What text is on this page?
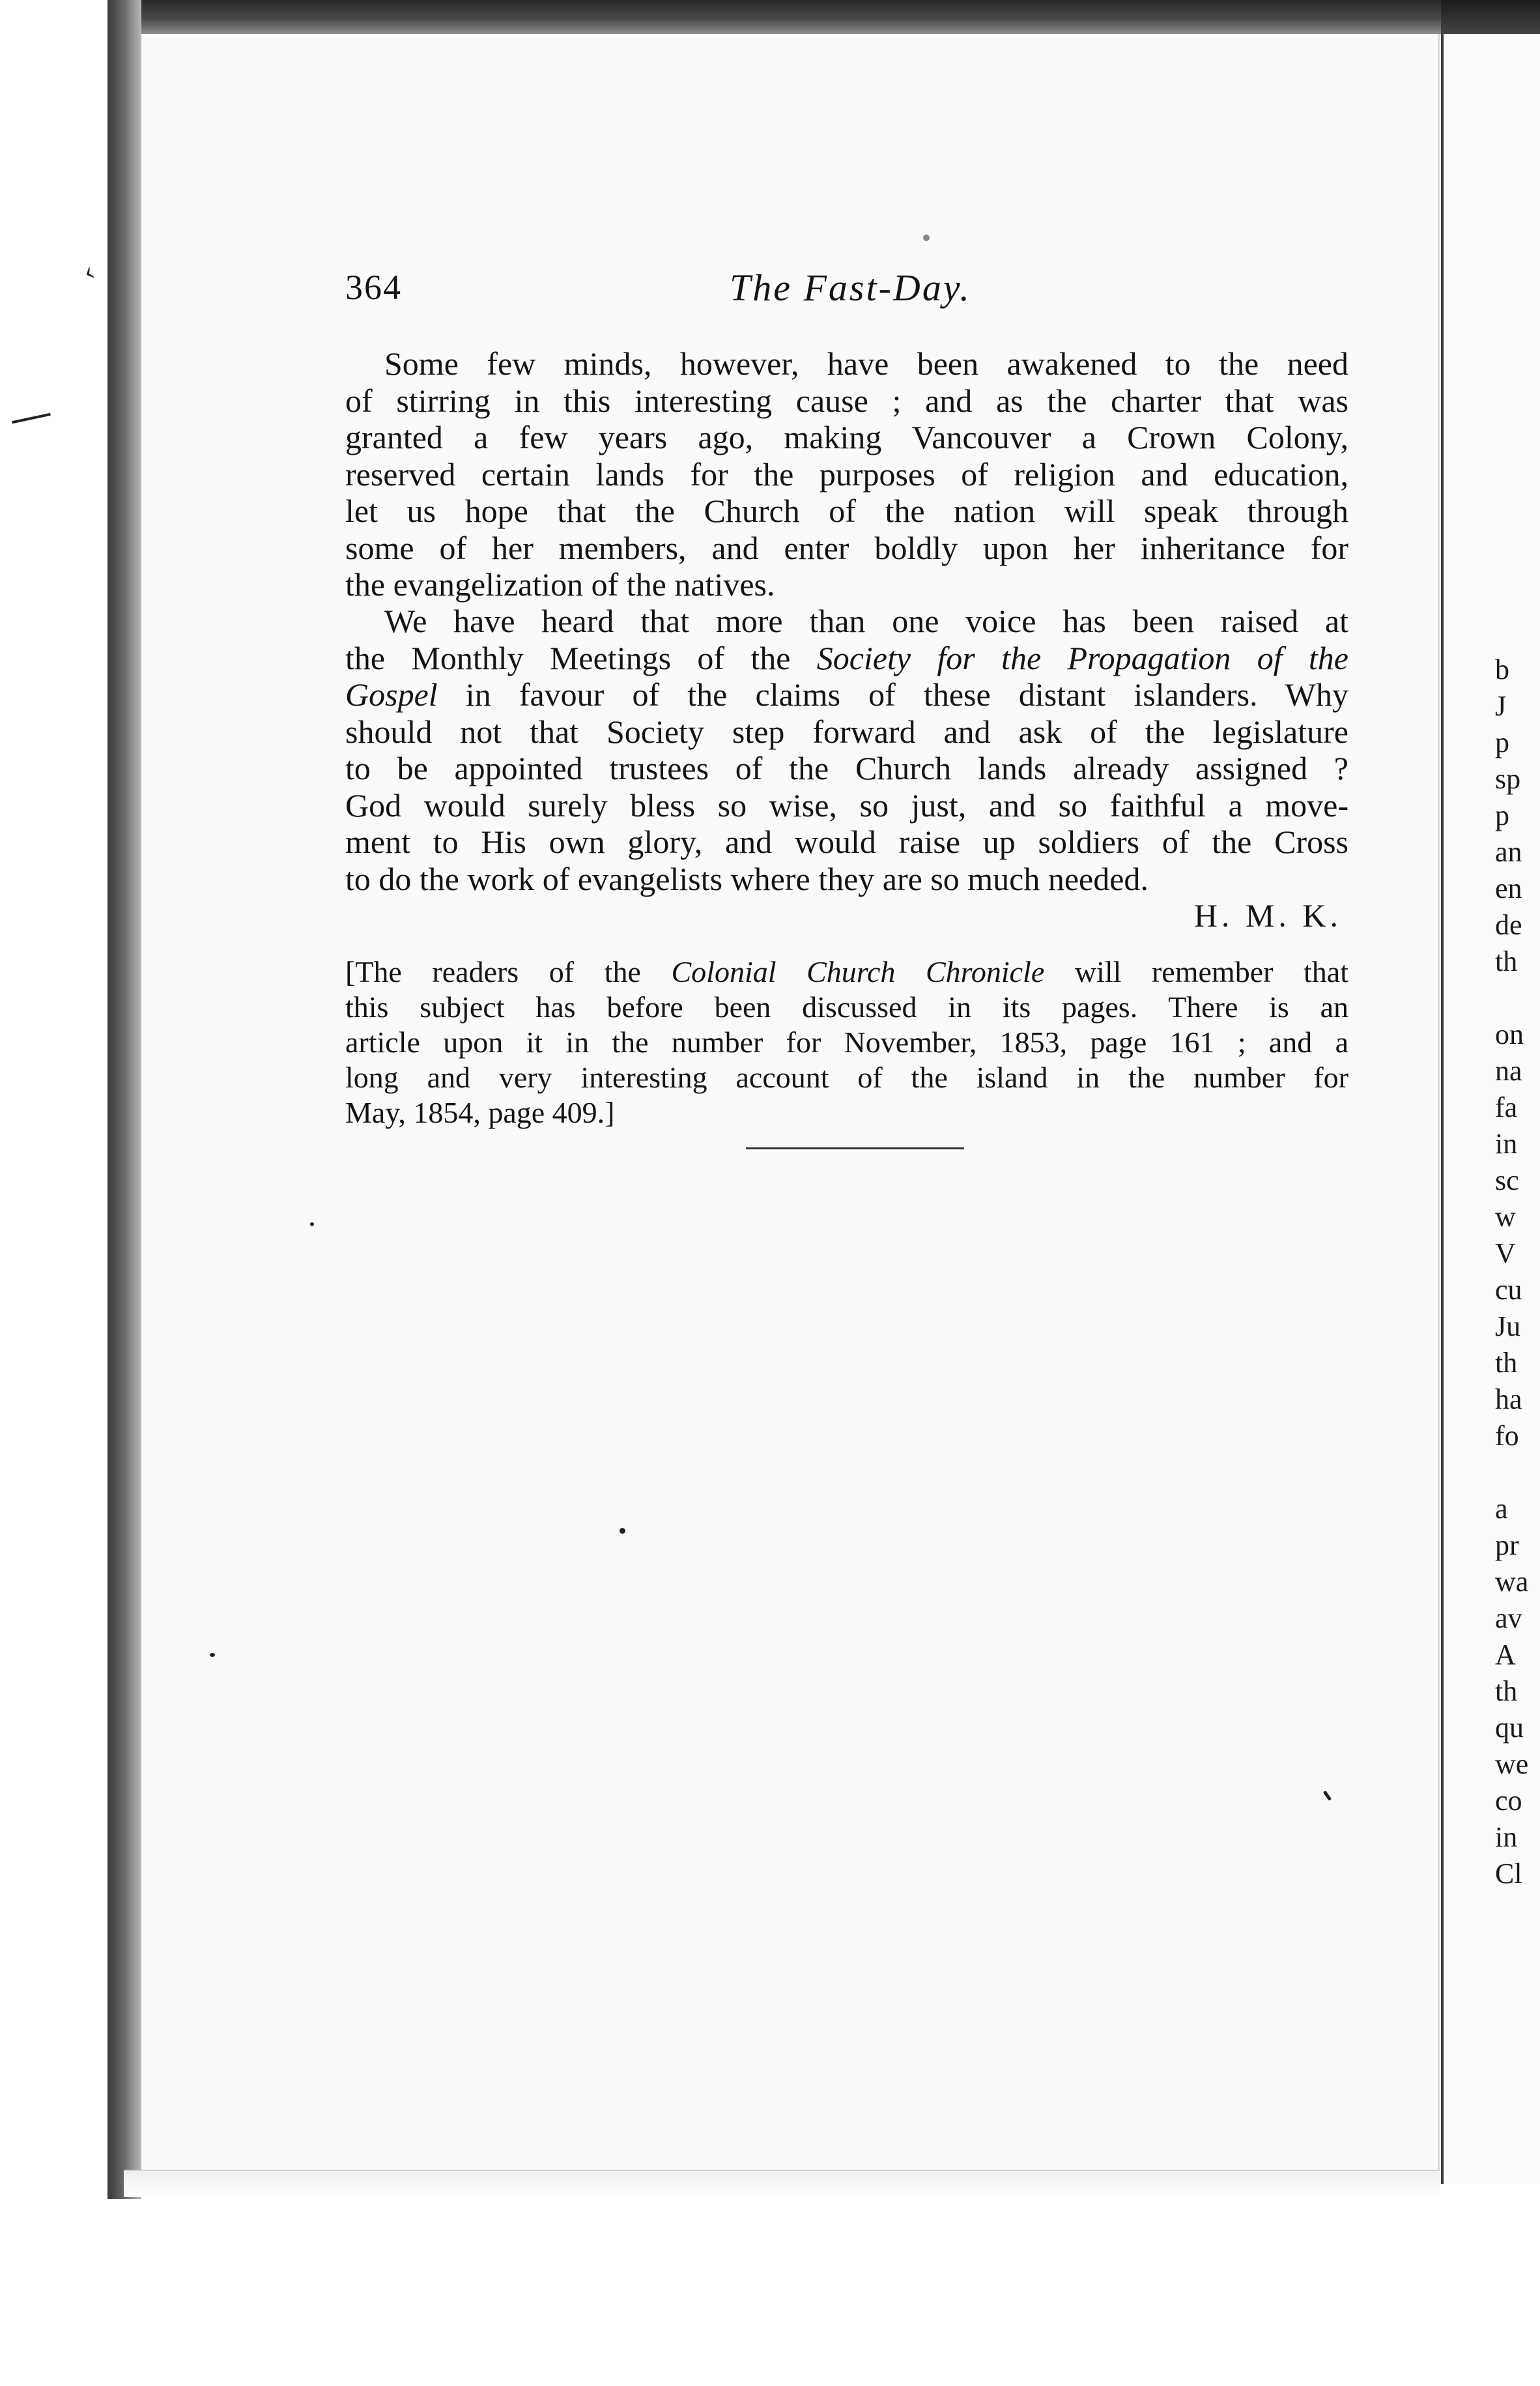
‹	364	The Fast-Day.
Some few minds, however, have been awakened to the need
of stirring in this interesting cause ; and as the charter that was
granted a few years ago, making Vancouver a Crown Colony,
reserved certain lands for the purposes of religion and education,
let us hope that the Church of the nation will speak through
some of her members, and enter boldly upon her inheritance for
the evangelization of the natives.
We have heard that more than one voice has been raised at
the Monthly Meetings of the Society for the Propagation of the
Gospel in favour of the claims of these distant islanders. Why
should not that Society step forward and ask of the legislature
to be appointed trustees of the Church lands already assigned ?
God would surely bless so wise, so just, and so faithful a move-
ment to His own glory, and would raise up soldiers of the Cross
to do the work of evangelists where they are so much needed.
H. M. K.
[The readers of the Colonial Church Chronicle will remember that
this subject has before been discussed in its pages. There is an
article upon it in the number for November, 1853, page 161 ; and a
long and very interesting account of the island in the number for
May, 1854, page 409.]
b
J
p
sp
p
an
en
de
th

on
na
fa
in
sc
w
V
cu
Ju
th
ha
fo

a
pr
wa
av
A
th
qu
we
co
in
Cl
